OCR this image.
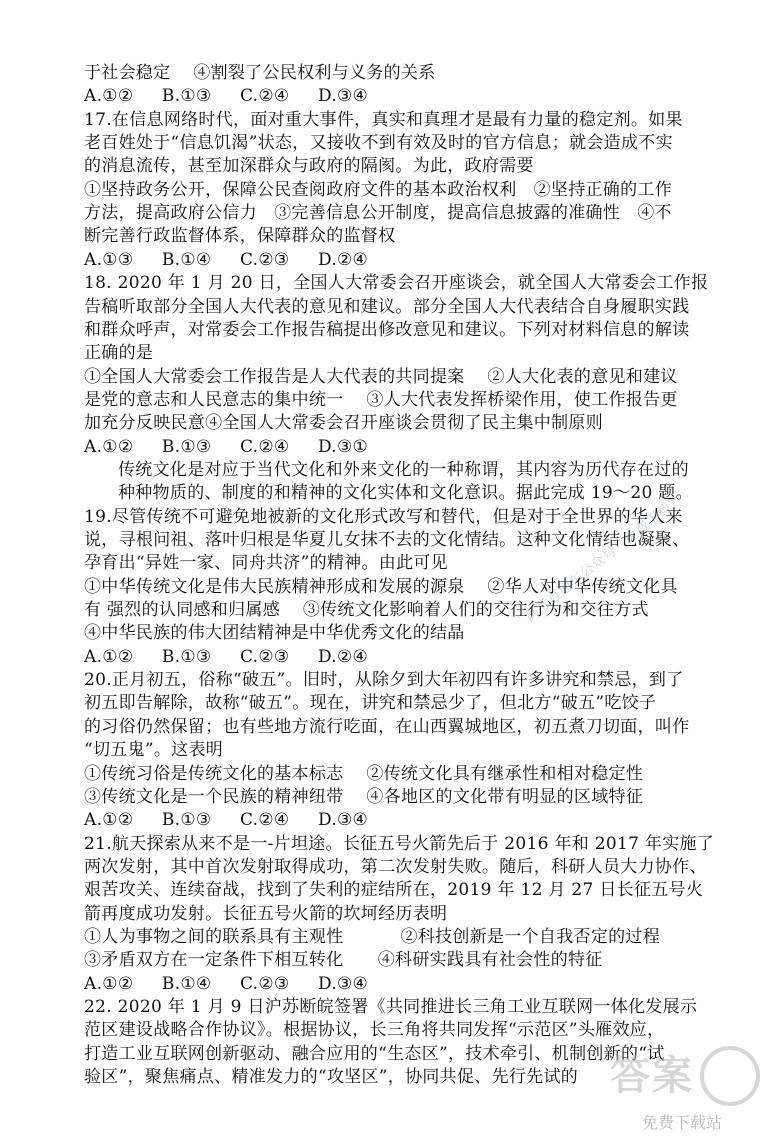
于社会稳定    ④割裂了公民权利与义务的关系
A.①②     B.①③     C.②④     D.③④
17.在信息网络时代，面对重大事件，真实和真理才是最有力量的稳定剂。如果
老百姓处于“信息饥渴”状态，又接收不到有效及时的官方信息；就会造成不实
的消息流传，甚至加深群众与政府的隔阂。为此，政府需要
①坚持政务公开，保障公民查阅政府文件的基本政治权利   ②坚持正确的工作
方法，提高政府公信力   ③完善信息公开制度，提高信息披露的准确性   ④不
断完善行政监督体系，保障群众的监督权
A.①③     B.①④     C.②③     D.②④
18. 2020 年 1 月 20 日，全国人大常委会召开座谈会，就全国人大常委会工作报
告稿听取部分全国人大代表的意见和建议。部分全国人大代表结合自身履职实践
和群众呼声，对常委会工作报告稿提出修改意见和建议。下列对材料信息的解读
正确的是
①全国人大常委会工作报告是人大代表的共同提案    ②人大化表的意见和建议
是党的意志和人民意志的集中统一    ③人大代表发挥桥梁作用，使工作报告更
加充分反映民意④全国人大常委会召开座谈会贯彻了民主集中制原则
A.①②     B.①③     C.②④     D.③①
传统文化是对应于当代文化和外来文化的一种称谓，其内容为历代存在过的
种种物质的、制度的和精神的文化实体和文化意识。据此完成 19～20 题。
19.尽管传统不可避免地被新的文化形式改写和替代，但是对于全世界的华人来
说，寻根问祖、落叶归根是华夏儿女抹不去的文化情结。这种文化情结也凝聚、
孕育出“异姓一家、同舟共济”的精神。由此可见
①中华传统文化是伟大民族精神形成和发展的源泉    ②华人对中华传统文化具
有 强烈的认同感和归属感    ③传统文化影响着人们的交往行为和交往方式
④中华民族的伟大团结精神是中华优秀文化的结晶
A.①②     B.①③     C.②③     D.②④
20.正月初五，俗称“破五”。旧时，从除夕到大年初四有许多讲究和禁忌，到了
初五即告解除，故称“破五”。现在，讲究和禁忌少了，但北方“破五”吃饺子
的习俗仍然保留；也有些地方流行吃面，在山西翼城地区，初五煮刀切面，叫作
“切五鬼”。这表明
①传统习俗是传统文化的基本标志    ②传统文化具有继承性和相对稳定性
③传统文化是一个民族的精神纽带    ④各地区的文化带有明显的区域特征
A.①②     B.①③     C.②④     D.③④
21.航天探索从来不是一-片坦途。长征五号火箭先后于 2016 年和 2017 年实施了
两次发射，其中首次发射取得成功，第二次发射失败。随后，科研人员大力协作、
艰苦攻关、连续奋战，找到了失利的症结所在，2019 年 12 月 27 日长征五号火
箭再度成功发射。长征五号火箭的坎坷经历表明
①人为事物之间的联系具有主观性          ②科技创新是一个自我否定的过程
③矛盾双方在一定条件下相互转化      ④科研实践具有社会性的特征
A.①②     B.①④     C.②③     D.③④
22. 2020 年 1 月 9 日沪苏断皖签署《共同推进长三角工业互联网一体化发展示
范区建设战略合作协议》。根据协议，长三角将共同发挥“示范区”头雁效应，
打造工业互联网创新驱动、融合应用的“生态区”，技术牵引、机制创新的“试
验区”，聚焦痛点、精准发力的“攻坚区”，协同共促、先行先试的
高考直通车公众号《免费下载》
答案
免费下载站
